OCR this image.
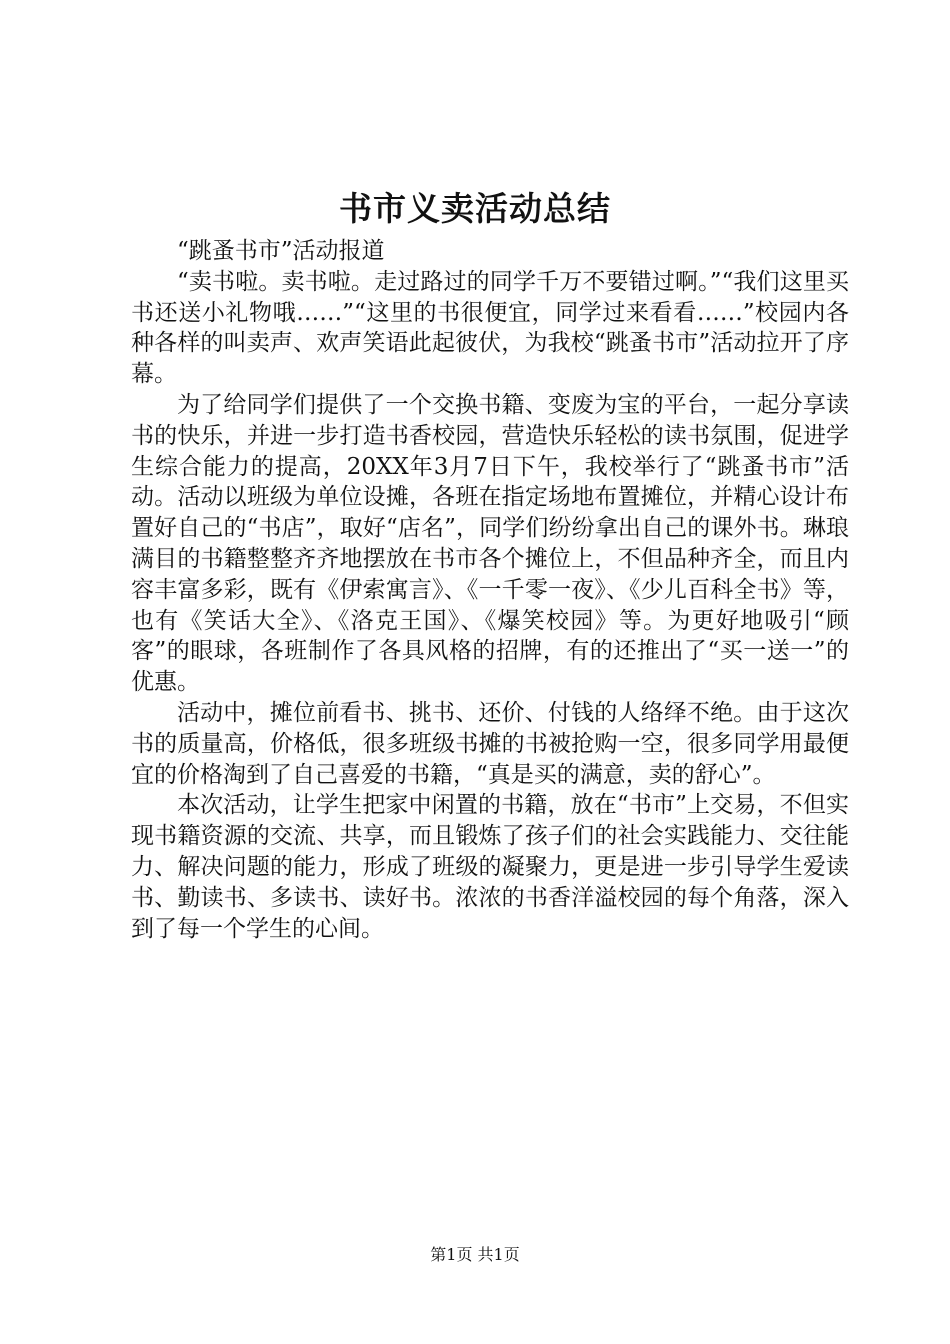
书市义卖活动总结

“跳蚤书市”活动报道

“卖书啦。卖书啦。走过路过的同学千万不要错过啊。”“我们这里买书还送小礼物哦……”“这里的书很便宜，同学过来看看……”校园内各种各样的叫卖声、欢声笑语此起彼伏，为我校“跳蚤书市”活动拉开了序幕。

为了给同学们提供了一个交换书籍、变废为宝的平台，一起分享读书的快乐，并进一步打造书香校园，营造快乐轻松的读书氛围，促进学生综合能力的提高，20XX年3月7日下午，我校举行了“跳蚤书市”活动。活动以班级为单位设摊，各班在指定场地布置摊位，并精心设计布置好自己的“书店”，取好“店名”，同学们纷纷拿出自己的课外书。琳琅满目的书籍整整齐齐地摆放在书市各个摊位上，不但品种齐全，而且内容丰富多彩，既有《伊索寓言》、《一千零一夜》、《少儿百科全书》等，也有《笑话大全》、《洛克王国》、《爆笑校园》等。为更好地吸引“顾客”的眼球，各班制作了各具风格的招牌，有的还推出了“买一送一”的优惠。

活动中，摊位前看书、挑书、还价、付钱的人络绎不绝。由于这次书的质量高，价格低，很多班级书摊的书被抢购一空，很多同学用最便宜的价格淘到了自己喜爱的书籍，“真是买的满意，卖的舒心”。

本次活动，让学生把家中闲置的书籍，放在“书市”上交易，不但实现书籍资源的交流、共享，而且锻炼了孩子们的社会实践能力、交往能力、解决问题的能力，形成了班级的凝聚力，更是进一步引导学生爱读书、勤读书、多读书、读好书。浓浓的书香洋溢校园的每个角落，深入到了每一个学生的心间。

第1页 共1页
